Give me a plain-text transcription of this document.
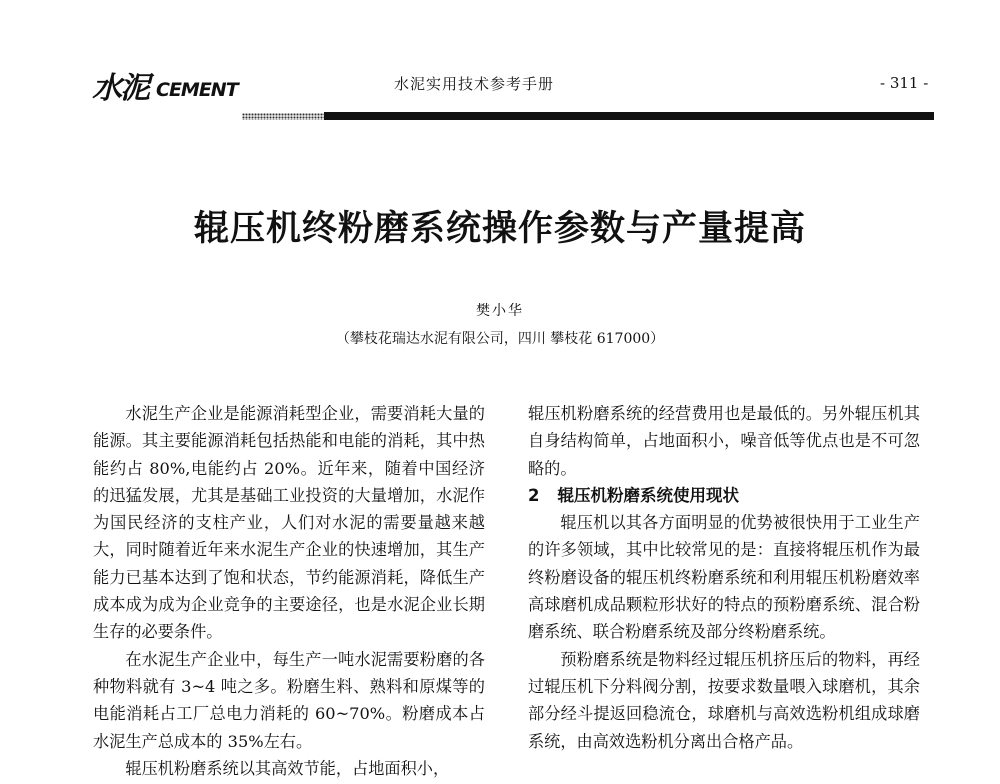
水泥 CEMENT	水泥实用技术参考手册	- 311 -
辊压机终粉磨系统操作参数与产量提高
樊小华
（攀枝花瑞达水泥有限公司，四川 攀枝花 617000）

水泥生产企业是能源消耗型企业，需要消耗大量的能源。其主要能源消耗包括热能和电能的消耗，其中热能约占 80%,电能约占 20%。近年来，随着中国经济的迅猛发展，尤其是基础工业投资的大量增加，水泥作为国民经济的支柱产业，人们对水泥的需要量越来越大，同时随着近年来水泥生产企业的快速增加，其生产能力已基本达到了饱和状态，节约能源消耗，降低生产成本成为成为企业竞争的主要途径，也是水泥企业长期生存的必要条件。

在水泥生产企业中，每生产一吨水泥需要粉磨的各种物料就有 3~4 吨之多。粉磨生料、熟料和原煤等的电能消耗占工厂总电力消耗的 60~70%。粉磨成本占水泥生产总成本的 35%左右。

辊压机粉磨系统以其高效节能，占地面积小，

辊压机粉磨系统的经营费用也是最低的。另外辊压机其自身结构简单，占地面积小，噪音低等优点也是不可忽略的。

2 辊压机粉磨系统使用现状

辊压机以其各方面明显的优势被很快用于工业生产的许多领域，其中比较常见的是：直接将辊压机作为最终粉磨设备的辊压机终粉磨系统和利用辊压机粉磨效率高球磨机成品颗粒形状好的特点的预粉磨系统、混合粉磨系统、联合粉磨系统及部分终粉磨系统。

预粉磨系统是物料经过辊压机挤压后的物料，再经过辊压机下分料阀分割，按要求数量喂入球磨机，其余部分经斗提返回稳流仓，球磨机与高效选粉机组成球磨系统，由高效选粉机分离出合格产品。
